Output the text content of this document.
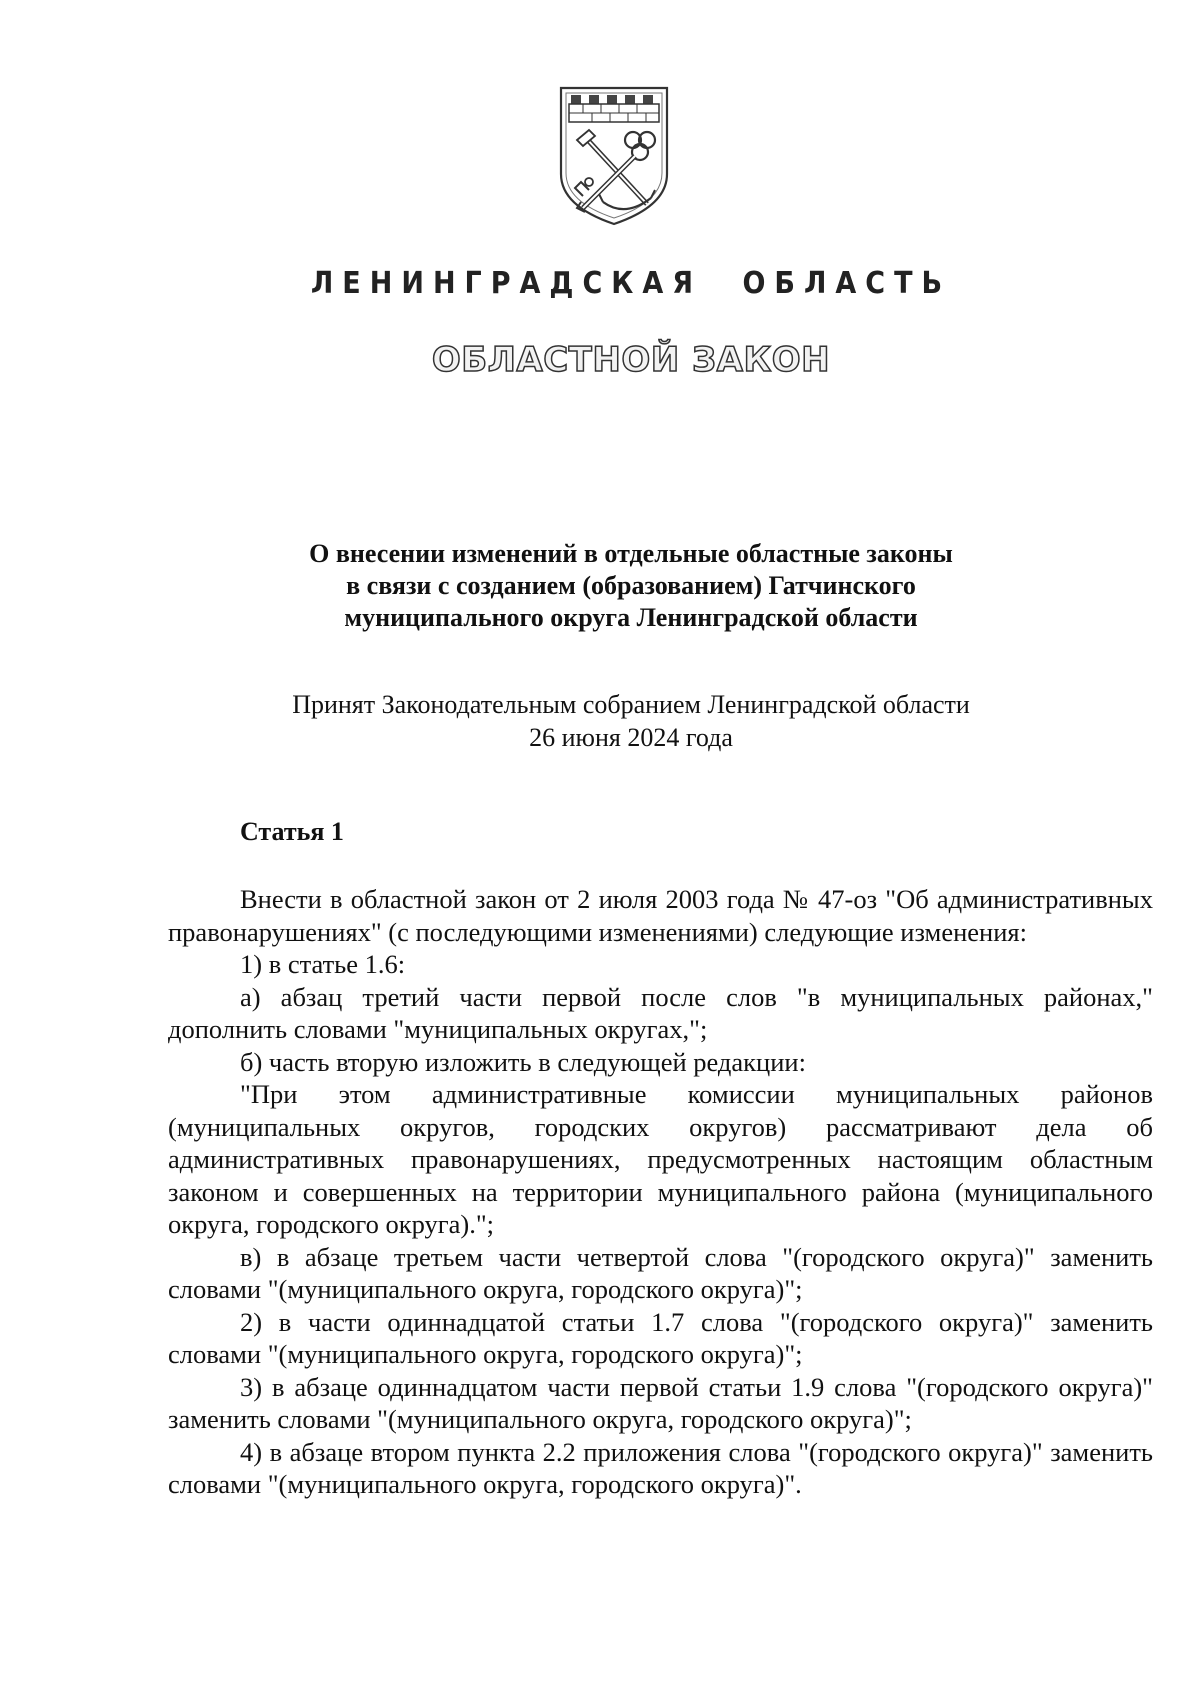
ЛЕНИНГРАДСКАЯ ОБЛАСТЬ
ОБЛАСТНОЙ ЗАКОН
О внесении изменений в отдельные областные законы
в связи с созданием (образованием) Гатчинского
муниципального округа Ленинградской области
Принят Законодательным собранием Ленинградской области
26 июня 2024 года
Статья 1

Внести в областной закон от 2 июля 2003 года № 47-оз "Об административных правонарушениях" (с последующими изменениями) следующие изменения:

1) в статье 1.6:

а) абзац третий части первой после слов "в муниципальных районах," дополнить словами "муниципальных округах,";

б) часть вторую изложить в следующей редакции:

"При этом административные комиссии муниципальных районов (муниципальных округов, городских округов) рассматривают дела об административных правонарушениях, предусмотренных настоящим областным законом и совершенных на территории муниципального района (муниципального округа, городского округа).";

в) в абзаце третьем части четвертой слова "(городского округа)" заменить словами "(муниципального округа, городского округа)";

2) в части одиннадцатой статьи 1.7 слова "(городского округа)" заменить словами "(муниципального округа, городского округа)";

3) в абзаце одиннадцатом части первой статьи 1.9 слова "(городского округа)" заменить словами "(муниципального округа, городского округа)";

4) в абзаце втором пункта 2.2 приложения слова "(городского округа)" заменить словами "(муниципального округа, городского округа)".
